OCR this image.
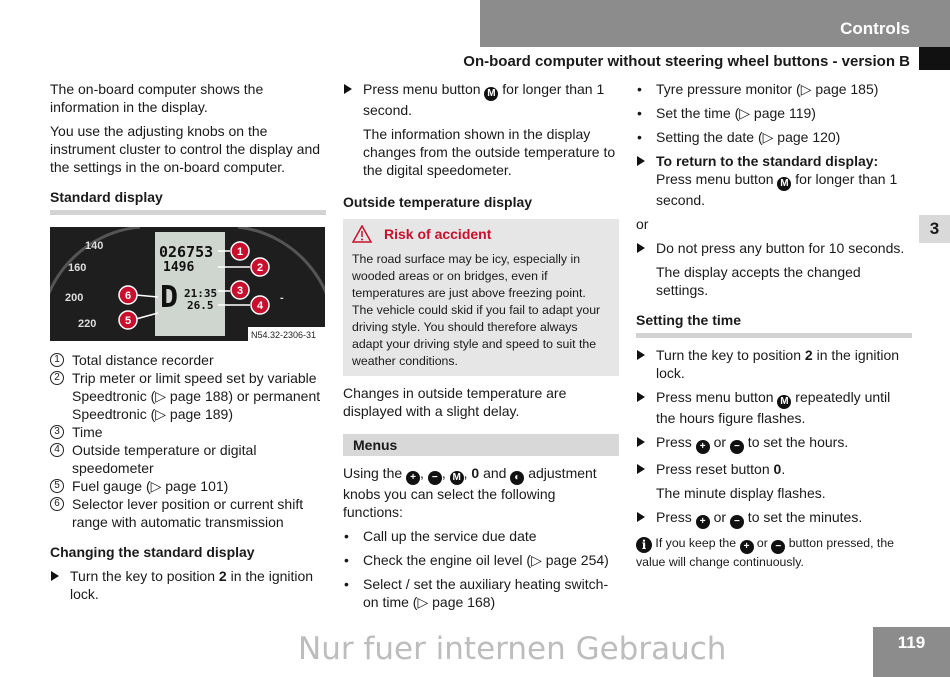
Controls
On-board computer without steering wheel buttons - version B
3

The on-board computer shows the information in the display.

You use the adjusting knobs on the instrument cluster to control the display and the settings in the on-board computer.

Standard display
140
160
200
220
-
026753
1496
D 21:35
26.5
1
2
3
4
5
6
N54.32-2306-31
1 Total distance recorder
2 Trip meter or limit speed set by variable Speedtronic (▷ page 188) or permanent Speedtronic (▷ page 189)
3 Time
4 Outside temperature or digital speedometer
5 Fuel gauge (▷ page 101)
6 Selector lever position or current shift range with automatic transmission
Changing the standard display
Turn the key to position 2 in the ignition lock.
Press menu button M for longer than 1 second.

The information shown in the display changes from the outside temperature to the digital speedometer.

Outside temperature display
Risk of accident
The road surface may be icy, especially in wooded areas or on bridges, even if temperatures are just above freezing point. The vehicle could skid if you fail to adapt your driving style. You should therefore always adapt your driving style and speed to suit the weather conditions.

Changes in outside temperature are displayed with a slight delay.

Menus

Using the + , − , M , 0 and ◐ adjustment knobs you can select the following functions:

• Call up the service due date
• Check the engine oil level (▷ page 254)
• Select / set the auxiliary heating switch-on time (▷ page 168)
• Tyre pressure monitor (▷ page 185)
• Set the time (▷ page 119)
• Setting the date (▷ page 120)
To return to the standard display:
Press menu button M for longer than 1 second.

or

Do not press any button for 10 seconds.

The display accepts the changed settings.

Setting the time
Turn the key to position 2 in the ignition lock.
Press menu button M repeatedly until the hours figure flashes.
Press + or − to set the hours.
Press reset button 0.

The minute display flashes.

Press + or − to set the minutes.
i If you keep the + or − button pressed, the value will change continuously.
119
Nur fuer internen Gebrauch
